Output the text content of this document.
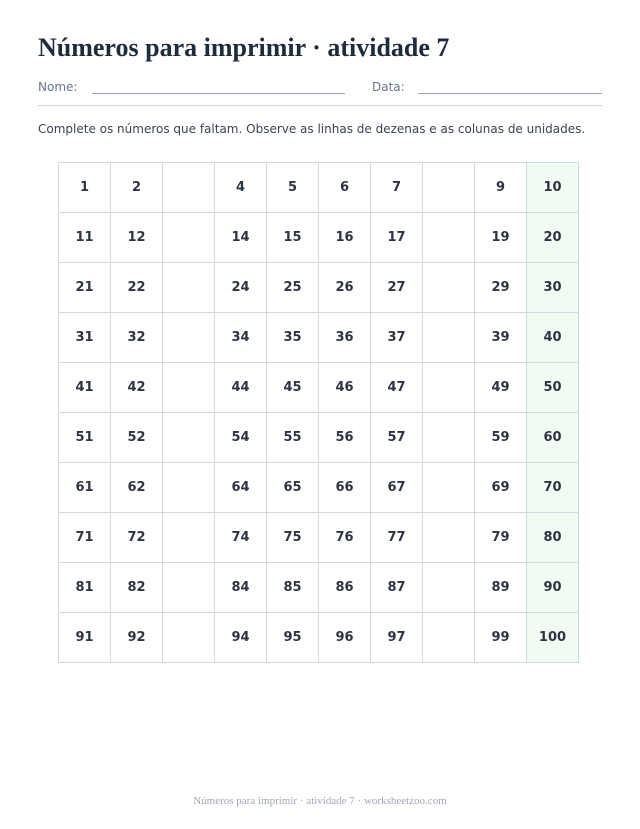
Números para imprimir · atividade 7
Nome:	Data:
Complete os números que faltam. Observe as linhas de dezenas e as colunas de unidades.
1	2		4	5	6	7		9	10
11	12		14	15	16	17		19	20
21	22		24	25	26	27		29	30
31	32		34	35	36	37		39	40
41	42		44	45	46	47		49	50
51	52		54	55	56	57		59	60
61	62		64	65	66	67		69	70
71	72		74	75	76	77		79	80
81	82		84	85	86	87		89	90
91	92		94	95	96	97		99	100
Números para imprimir · atividade 7 · worksheetzoo.com
